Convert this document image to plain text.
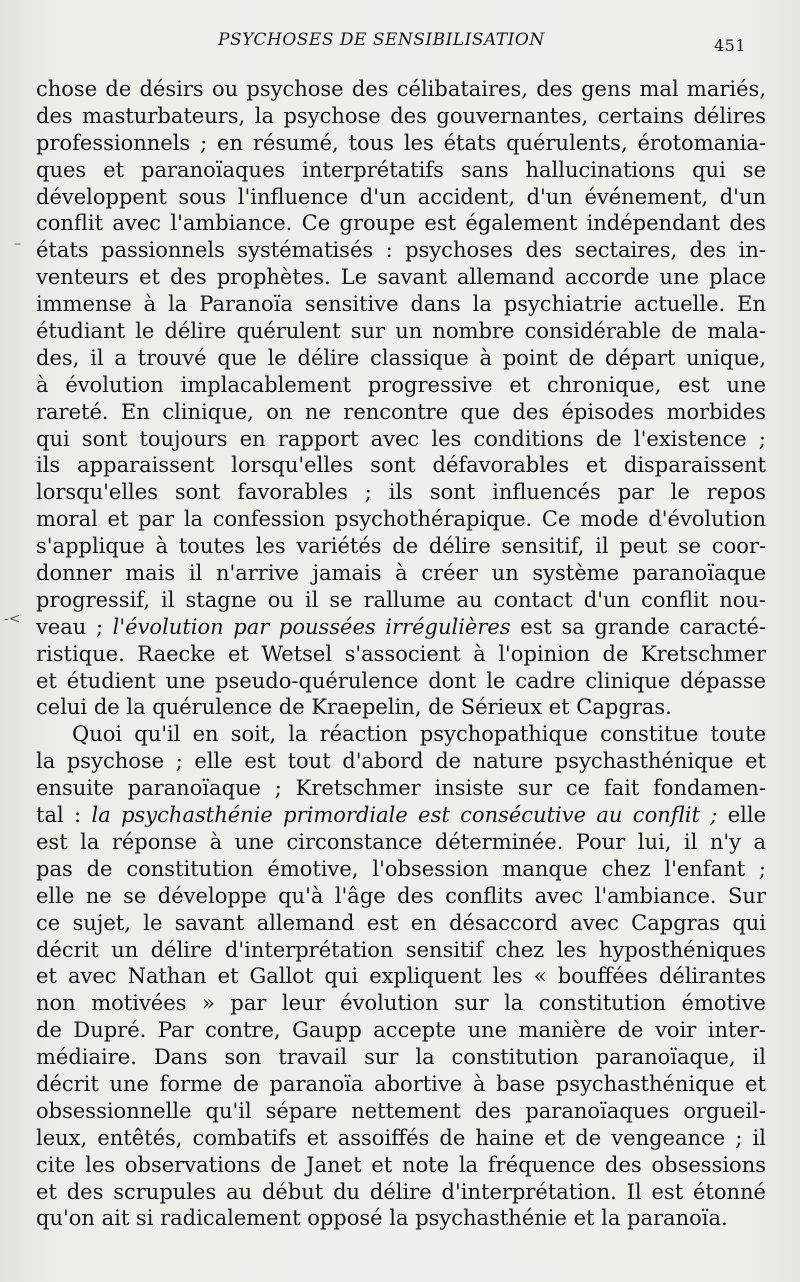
PSYCHOSES DE SENSIBILISATION	451
–
-<
chose de désirs ou psychose des célibataires, des gens mal mariés,
des masturbateurs, la psychose des gouvernantes, certains délires
professionnels ; en résumé, tous les états quérulents, érotomania-
ques et paranoïaques interprétatifs sans hallucinations qui se
développent sous l'influence d'un accident, d'un événement, d'un
conflit avec l'ambiance. Ce groupe est également indépendant des
états passionnels systématisés : psychoses des sectaires, des in-
venteurs et des prophètes. Le savant allemand accorde une place
immense à la Paranoïa sensitive dans la psychiatrie actuelle. En
étudiant le délire quérulent sur un nombre considérable de mala-
des, il a trouvé que le délire classique à point de départ unique,
à évolution implacablement progressive et chronique, est une
rareté. En clinique, on ne rencontre que des épisodes morbides
qui sont toujours en rapport avec les conditions de l'existence ;
ils apparaissent lorsqu'elles sont défavorables et disparaissent
lorsqu'elles sont favorables ; ils sont influencés par le repos
moral et par la confession psychothérapique. Ce mode d'évolution
s'applique à toutes les variétés de délire sensitif, il peut se coor-
donner mais il n'arrive jamais à créer un système paranoïaque
progressif, il stagne ou il se rallume au contact d'un conflit nou-
veau ; l'évolution par poussées irrégulières est sa grande caracté-
ristique. Raecke et Wetsel s'associent à l'opinion de Kretschmer
et étudient une pseudo-quérulence dont le cadre clinique dépasse
celui de la quérulence de Kraepelin, de Sérieux et Capgras.
Quoi qu'il en soit, la réaction psychopathique constitue toute
la psychose ; elle est tout d'abord de nature psychasthénique et
ensuite paranoïaque ; Kretschmer insiste sur ce fait fondamen-
tal : la psychasthénie primordiale est consécutive au conflit ; elle
est la réponse à une circonstance déterminée. Pour lui, il n'y a
pas de constitution émotive, l'obsession manque chez l'enfant ;
elle ne se développe qu'à l'âge des conflits avec l'ambiance. Sur
ce sujet, le savant allemand est en désaccord avec Capgras qui
décrit un délire d'interprétation sensitif chez les hyposthéniques
et avec Nathan et Gallot qui expliquent les « bouffées délirantes
non motivées » par leur évolution sur la constitution émotive
de Dupré. Par contre, Gaupp accepte une manière de voir inter-
médiaire. Dans son travail sur la constitution paranoïaque, il
décrit une forme de paranoïa abortive à base psychasthénique et
obsessionnelle qu'il sépare nettement des paranoïaques orgueil-
leux, entêtés, combatifs et assoiffés de haine et de vengeance ; il
cite les observations de Janet et note la fréquence des obsessions
et des scrupules au début du délire d'interprétation. Il est étonné
qu'on ait si radicalement opposé la psychasthénie et la paranoïa.
